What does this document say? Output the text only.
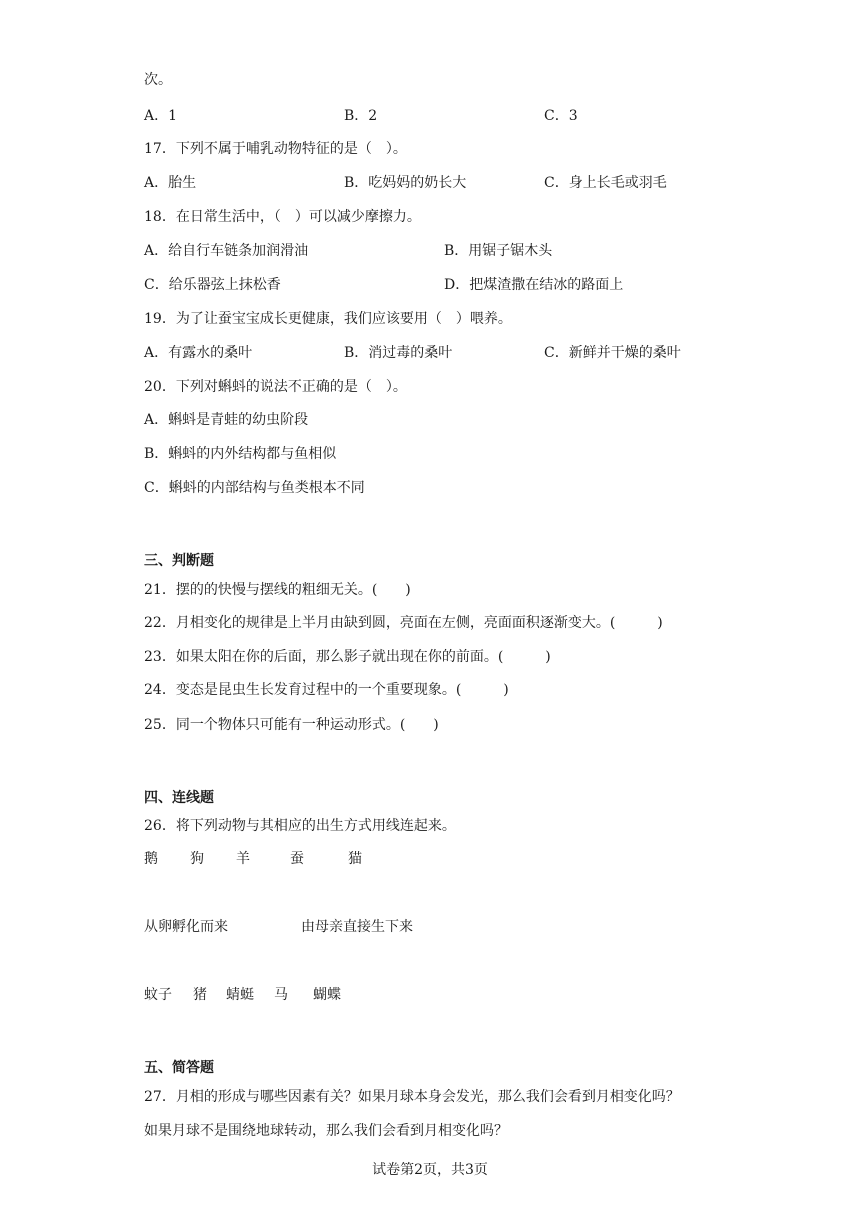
次。
A．1	B．2	C．3
17．下列不属于哺乳动物特征的是（　）。
A．胎生	B．吃妈妈的奶长大	C．身上长毛或羽毛
18．在日常生活中，（　）可以减少摩擦力。
A．给自行车链条加润滑油	B．用锯子锯木头
C．给乐器弦上抹松香	D．把煤渣撒在结冰的路面上
19．为了让蚕宝宝成长更健康，我们应该要用（　）喂养。
A．有露水的桑叶	B．消过毒的桑叶	C．新鲜并干燥的桑叶
20．下列对蝌蚪的说法不正确的是（　）。
A．蝌蚪是青蛙的幼虫阶段
B．蝌蚪的内外结构都与鱼相似
C．蝌蚪的内部结构与鱼类根本不同
三、判断题
21．摆的的快慢与摆线的粗细无关。(　　)
22．月相变化的规律是上半月由缺到圆，亮面在左侧，亮面面积逐渐变大。(　　　)
23．如果太阳在你的后面，那么影子就出现在你的前面。(　　　)
24．变态是昆虫生长发育过程中的一个重要现象。(　　　)
25．同一个物体只可能有一种运动形式。(　　)
四、连线题
26．将下列动物与其相应的出生方式用线连起来。
鹅 狗 羊	蚕	猫
从卵孵化而来	由母亲直接生下来
蚊子 猪 蜻蜓 马 蝴蝶
五、简答题
27．月相的形成与哪些因素有关？如果月球本身会发光，那么我们会看到月相变化吗？
如果月球不是围绕地球转动，那么我们会看到月相变化吗？
试卷第2页，共3页
